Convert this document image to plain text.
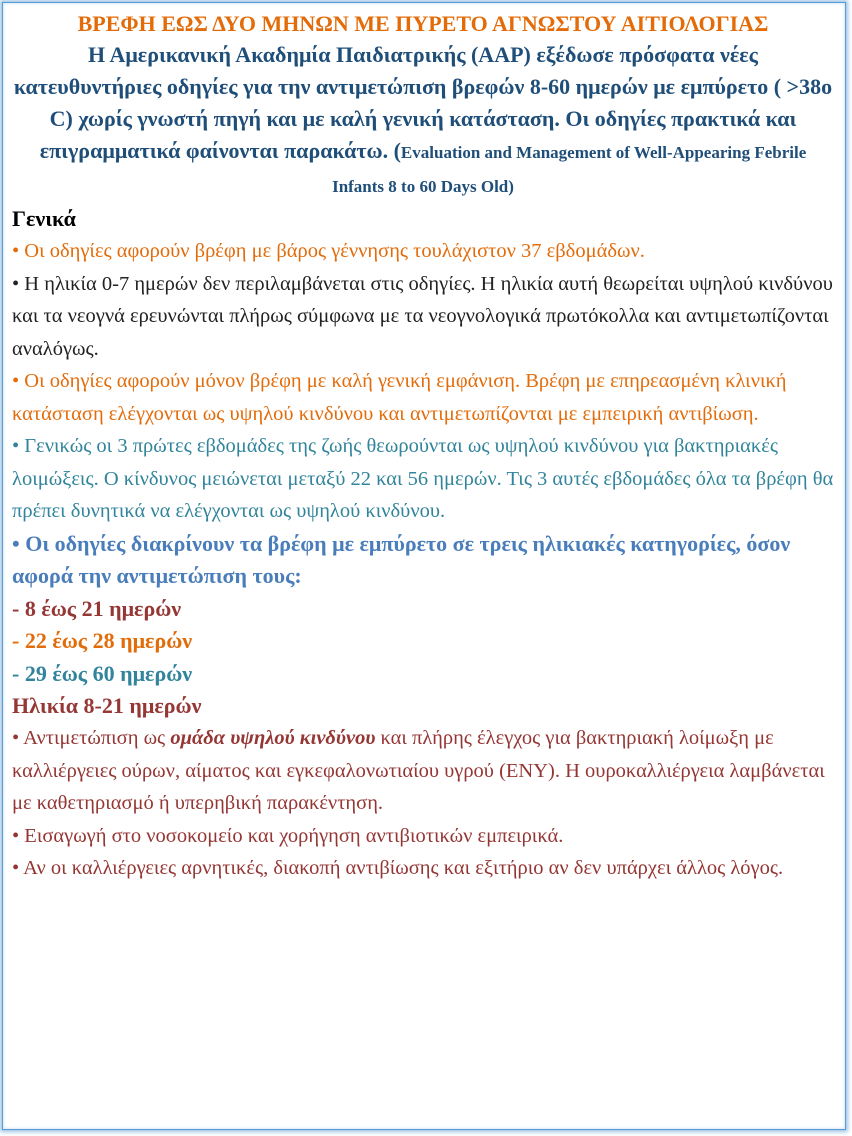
ΒΡΕΦΗ ΕΩΣ ΔΥΟ ΜΗΝΩΝ ΜΕ ΠΥΡΕΤΟ ΑΓΝΩΣΤΟΥ ΑΙΤΙΟΛΟΓΙΑΣ

Η Αμερικανική Ακαδημία Παιδιατρικής (ΑΑΡ) εξέδωσε πρόσφατα νέες κατευθυντήριες οδηγίες για την αντιμετώπιση βρεφών 8-60 ημερών με εμπύρετο ( >38o C) χωρίς γνωστή πηγή και με καλή γενική κατάσταση. Οι οδηγίες πρακτικά και επιγραμματικά φαίνονται παρακάτω. (Evaluation and Management of Well-Appearing Febrile Infants 8 to 60 Days Old)

Γενικά

• Οι οδηγίες αφορούν βρέφη με βάρος γέννησης τουλάχιστον 37 εβδομάδων.

• Η ηλικία 0-7 ημερών δεν περιλαμβάνεται στις οδηγίες. Η ηλικία αυτή θεωρείται υψηλού κινδύνου και τα νεογνά ερευνώνται πλήρως σύμφωνα με τα νεογνολογικά πρωτόκολλα και αντιμετωπίζονται αναλόγως.

• Οι οδηγίες αφορούν μόνον βρέφη με καλή γενική εμφάνιση. Βρέφη με επηρεασμένη κλινική κατάσταση ελέγχονται ως υψηλού κινδύνου και αντιμετωπίζονται με εμπειρική αντιβίωση.

• Γενικώς οι 3 πρώτες εβδομάδες της ζωής θεωρούνται ως υψηλού κινδύνου για βακτηριακές λοιμώξεις. Ο κίνδυνος μειώνεται μεταξύ 22 και 56 ημερών. Τις 3 αυτές εβδομάδες όλα τα βρέφη θα πρέπει δυνητικά να ελέγχονται ως υψηλού κινδύνου.

• Οι οδηγίες διακρίνουν τα βρέφη με εμπύρετο σε τρεις ηλικιακές κατηγορίες, όσον αφορά την αντιμετώπιση τους:

- 8 έως 21 ημερών

- 22 έως 28 ημερών

- 29 έως 60 ημερών

Ηλικία 8-21 ημερών

• Αντιμετώπιση ως ομάδα υψηλού κινδύνου και πλήρης έλεγχος για βακτηριακή λοίμωξη με καλλιέργειες ούρων, αίματος και εγκεφαλονωτιαίου υγρού (ΕΝΥ). Η ουροκαλλιέργεια λαμβάνεται με καθετηριασμό ή υπερηβική παρακέντηση.

• Εισαγωγή στο νοσοκομείο και χορήγηση αντιβιοτικών εμπειρικά.

• Αν οι καλλιέργειες αρνητικές, διακοπή αντιβίωσης και εξιτήριο αν δεν υπάρχει άλλος λόγος.
